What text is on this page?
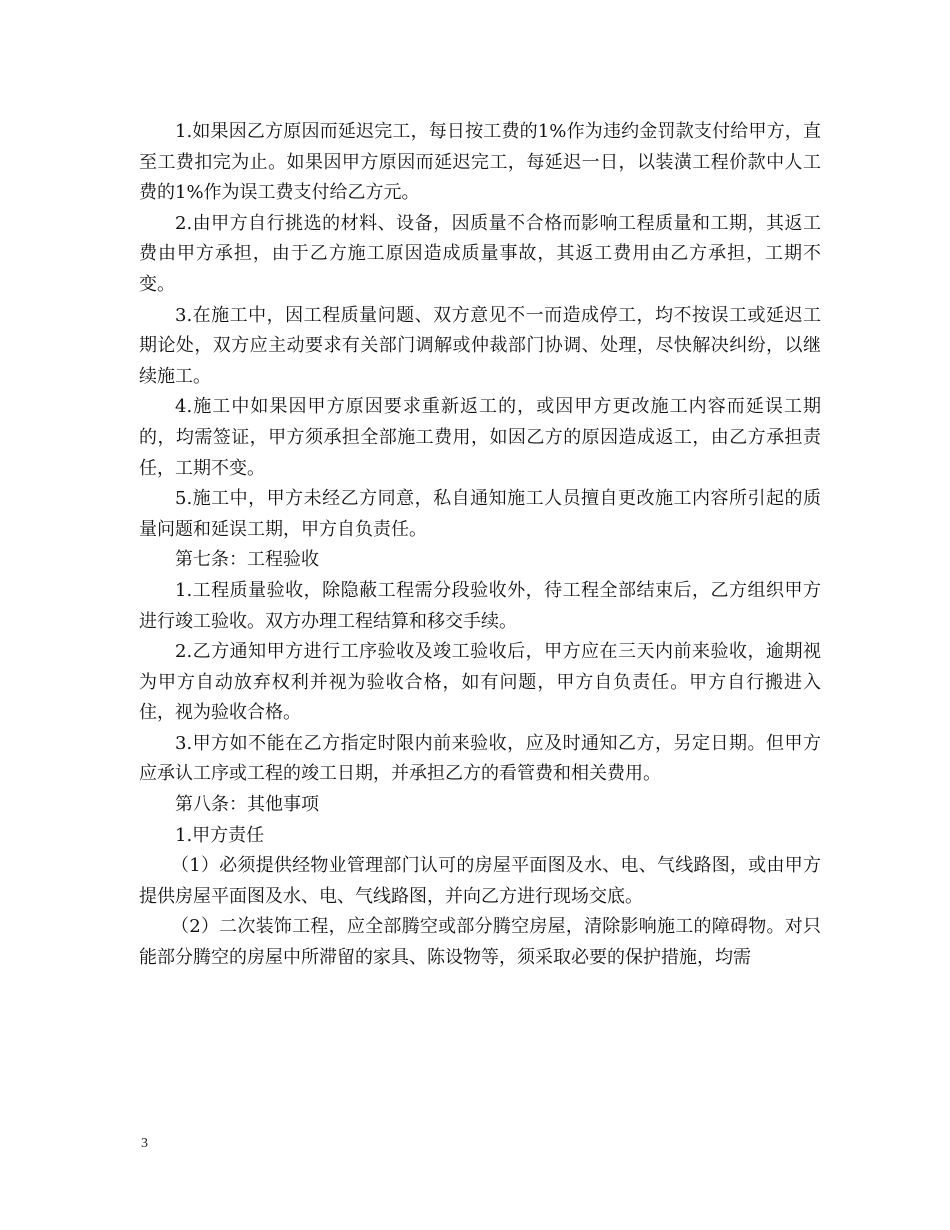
1.如果因乙方原因而延迟完工，每日按工费的1%作为违约金罚款支付给甲方，直至工费扣完为止。如果因甲方原因而延迟完工，每延迟一日，以装潢工程价款中人工费的1%作为误工费支付给乙方元。

2.由甲方自行挑选的材料、设备，因质量不合格而影响工程质量和工期，其返工费由甲方承担，由于乙方施工原因造成质量事故，其返工费用由乙方承担，工期不变。

3.在施工中，因工程质量问题、双方意见不一而造成停工，均不按误工或延迟工期论处，双方应主动要求有关部门调解或仲裁部门协调、处理，尽快解决纠纷，以继续施工。

4.施工中如果因甲方原因要求重新返工的，或因甲方更改施工内容而延误工期的，均需签证，甲方须承担全部施工费用，如因乙方的原因造成返工，由乙方承担责任，工期不变。

5.施工中，甲方未经乙方同意，私自通知施工人员擅自更改施工内容所引起的质量问题和延误工期，甲方自负责任。

第七条：工程验收

1.工程质量验收，除隐蔽工程需分段验收外，待工程全部结束后，乙方组织甲方进行竣工验收。双方办理工程结算和移交手续。

2.乙方通知甲方进行工序验收及竣工验收后，甲方应在三天内前来验收，逾期视为甲方自动放弃权利并视为验收合格，如有问题，甲方自负责任。甲方自行搬进入住，视为验收合格。

3.甲方如不能在乙方指定时限内前来验收，应及时通知乙方，另定日期。但甲方应承认工序或工程的竣工日期，并承担乙方的看管费和相关费用。

第八条：其他事项

1.甲方责任

（1）必须提供经物业管理部门认可的房屋平面图及水、电、气线路图，或由甲方提供房屋平面图及水、电、气线路图，并向乙方进行现场交底。

（2）二次装饰工程，应全部腾空或部分腾空房屋，清除影响施工的障碍物。对只能部分腾空的房屋中所滞留的家具、陈设物等，须采取必要的保护措施，均需

3
